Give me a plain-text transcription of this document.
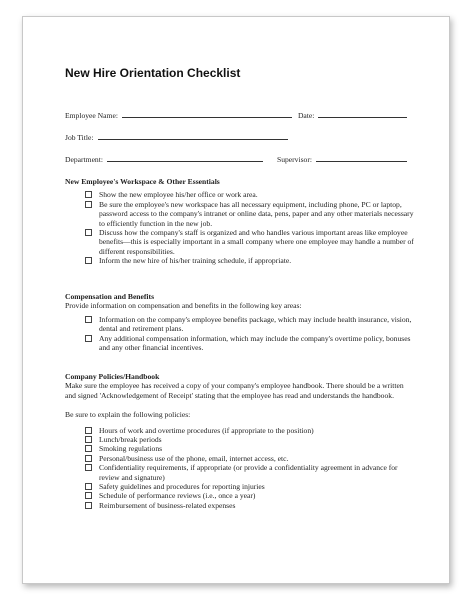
New Hire Orientation Checklist
Employee Name:	Date:
Job Title:
Department:	Supervisor:
New Employee's Workspace & Other Essentials
Show the new employee his/her office or work area.
Be sure the employee's new workspace has all necessary equipment, including phone, PC or laptop, password access to the company's intranet or online data, pens, paper and any other materials necessary to efficiently function in the new job.
Discuss how the company's staff is organized and who handles various important areas like employee benefits—this is especially important in a small company where one employee may handle a number of different responsibilities.
Inform the new hire of his/her training schedule, if appropriate.
Compensation and Benefits
Provide information on compensation and benefits in the following key areas:
Information on the company's employee benefits package, which may include health insurance, vision, dental and retirement plans.
Any additional compensation information, which may include the company's overtime policy, bonuses and any other financial incentives.
Company Policies/Handbook
Make sure the employee has received a copy of your company's employee handbook. There should be a written and signed 'Acknowledgement of Receipt' stating that the employee has read and understands the handbook.
Be sure to explain the following policies:
Hours of work and overtime procedures (if appropriate to the position)
Lunch/break periods
Smoking regulations
Personal/business use of the phone, email, internet access, etc.
Confidentiality requirements, if appropriate (or provide a confidentiality agreement in advance for review and signature)
Safety guidelines and procedures for reporting injuries
Schedule of performance reviews (i.e., once a year)
Reimbursement of business-related expenses
